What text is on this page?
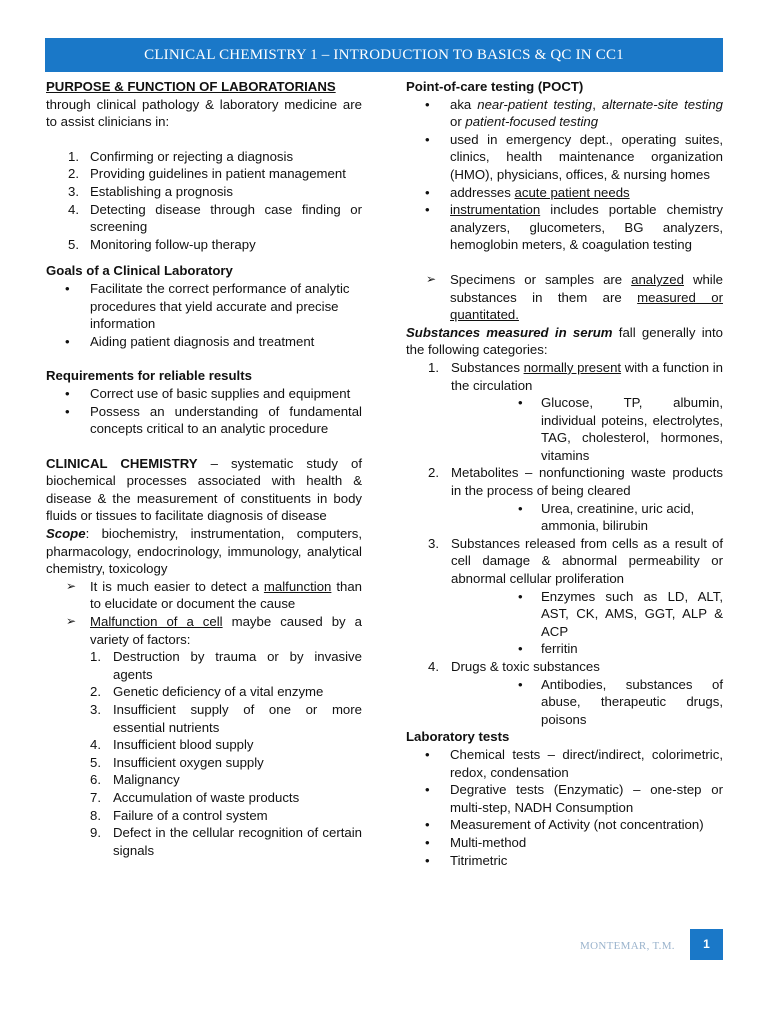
CLINICAL CHEMISTRY 1 – INTRODUCTION TO BASICS & QC IN CC1

PURPOSE & FUNCTION OF LABORATORIANS

through clinical pathology & laboratory medicine are to assist clinicians in:

1. Confirming or rejecting a diagnosis
2. Providing guidelines in patient management
3. Establishing a prognosis
4. Detecting disease through case finding or screening
5. Monitoring follow-up therapy

Goals of a Clinical Laboratory

• Facilitate the correct performance of analytic procedures that yield accurate and precise information
• Aiding patient diagnosis and treatment

Requirements for reliable results

• Correct use of basic supplies and equipment
• Possess an understanding of fundamental concepts critical to an analytic procedure

CLINICAL CHEMISTRY – systematic study of biochemical processes associated with health & disease & the measurement of constituents in body fluids or tissues to facilitate diagnosis of disease

Scope: biochemistry, instrumentation, computers, pharmacology, endocrinology, immunology, analytical chemistry, toxicology

➢ It is much easier to detect a malfunction than to elucidate or document the cause
➢ Malfunction of a cell maybe caused by a variety of factors:
1. Destruction by trauma or by invasive agents
2. Genetic deficiency of a vital enzyme
3. Insufficient supply of one or more essential nutrients
4. Insufficient blood supply
5. Insufficient oxygen supply
6. Malignancy
7. Accumulation of waste products
8. Failure of a control system
9. Defect in the cellular recognition of certain signals

Point-of-care testing (POCT)

• aka near-patient testing, alternate-site testing or patient-focused testing
• used in emergency dept., operating suites, clinics, health maintenance organization (HMO), physicians, offices, & nursing homes
• addresses acute patient needs
• instrumentation includes portable chemistry analyzers, glucometers, BG analyzers, hemoglobin meters, & coagulation testing
➢ Specimens or samples are analyzed while substances in them are measured or quantitated.

Substances measured in serum fall generally into the following categories:

1. Substances normally present with a function in the circulation
• Glucose, TP, albumin, individual poteins, electrolytes, TAG, cholesterol, hormones, vitamins
2. Metabolites – nonfunctioning waste products in the process of being cleared
• Urea, creatinine, uric acid, ammonia, bilirubin
3. Substances released from cells as a result of cell damage & abnormal permeability or abnormal cellular proliferation
• Enzymes such as LD, ALT, AST, CK, AMS, GGT, ALP & ACP
• ferritin
4. Drugs & toxic substances
• Antibodies, substances of abuse, therapeutic drugs, poisons

Laboratory tests

• Chemical tests – direct/indirect, colorimetric, redox, condensation
• Degrative tests (Enzymatic) – one-step or multi-step, NADH Consumption
• Measurement of Activity (not concentration)
• Multi-method
• Titrimetric
MONTEMAR, T.M.	1
